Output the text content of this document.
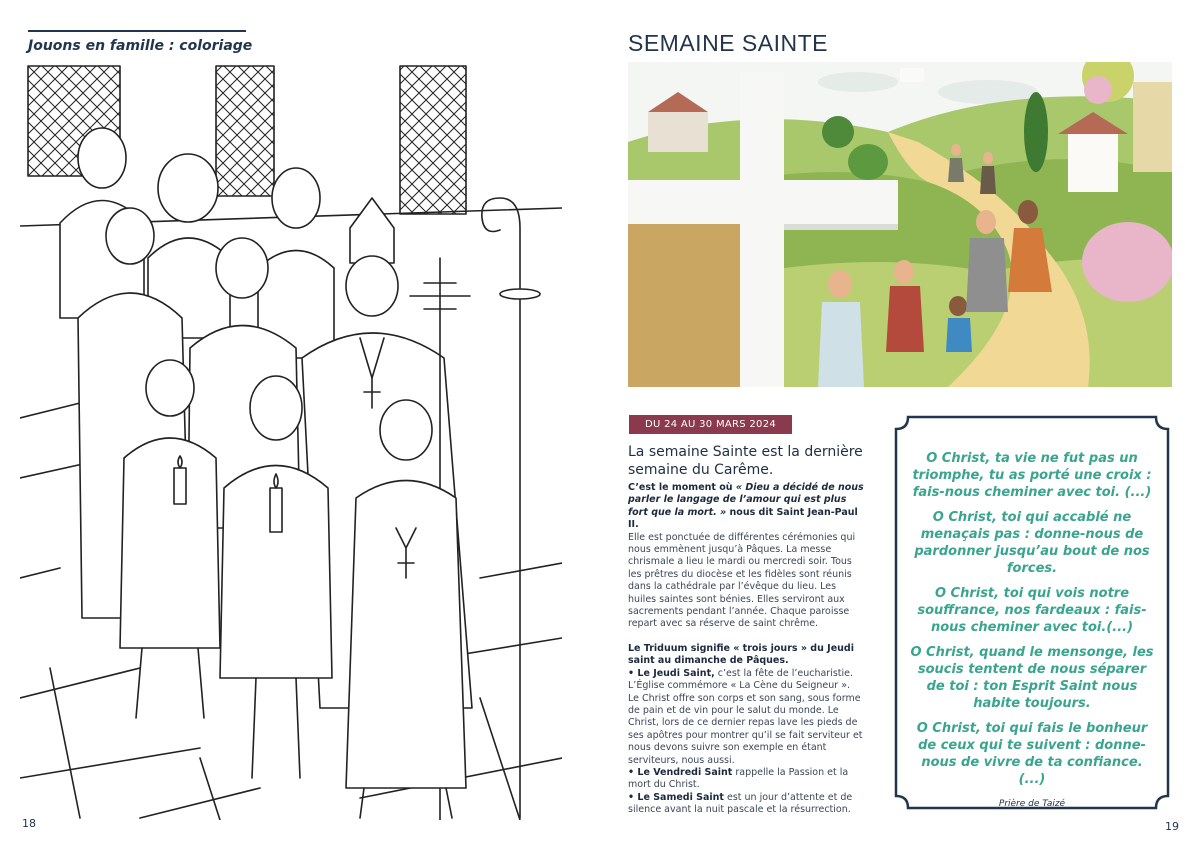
Jouons en famille : coloriage
18
SEMAINE SAINTE
DU 24 AU 30 MARS 2024
La semaine Sainte est la dernière semaine du Carême.

C’est le moment où « Dieu a décidé de nous parler le langage de l’amour qui est plus fort que la mort. » nous dit Saint Jean-Paul II.

Elle est ponctuée de différentes cérémonies qui nous emmènent jusqu’à Pâques. La messe chrismale a lieu le mardi ou mercredi soir. Tous les prêtres du diocèse et les fidèles sont réunis dans la cathédrale par l’évêque du lieu. Les huiles saintes sont bénies. Elles serviront aux sacrements pendant l’année. Chaque paroisse repart avec sa réserve de saint chrême.

Le Triduum signifie « trois jours » du Jeudi saint au dimanche de Pâques.

• Le Jeudi Saint, c’est la fête de l’eucharistie. L’Église commémore « La Cène du Seigneur ». Le Christ offre son corps et son sang, sous forme de pain et de vin pour le salut du monde. Le Christ, lors de ce dernier repas lave les pieds de ses apôtres pour montrer qu’il se fait serviteur et nous devons suivre son exemple en étant serviteurs, nous aussi.

• Le Vendredi Saint rappelle la Passion et la mort du Christ.

• Le Samedi Saint est un jour d’attente et de silence avant la nuit pascale et la résurrection.

O Christ, ta vie ne fut pas un triomphe, tu as porté une croix : fais-nous cheminer avec toi. (...)

O Christ, toi qui accablé ne menaçais pas : donne-nous de pardonner jusqu’au bout de nos forces.

O Christ, toi qui vois notre souffrance, nos fardeaux : fais-nous cheminer avec toi.(...)

O Christ, quand le mensonge, les soucis tentent de nous séparer de toi : ton Esprit Saint nous habite toujours.

O Christ, toi qui fais le bonheur de ceux qui te suivent : donne-nous de vivre de ta confiance. (...)

Prière de Taizé

19
